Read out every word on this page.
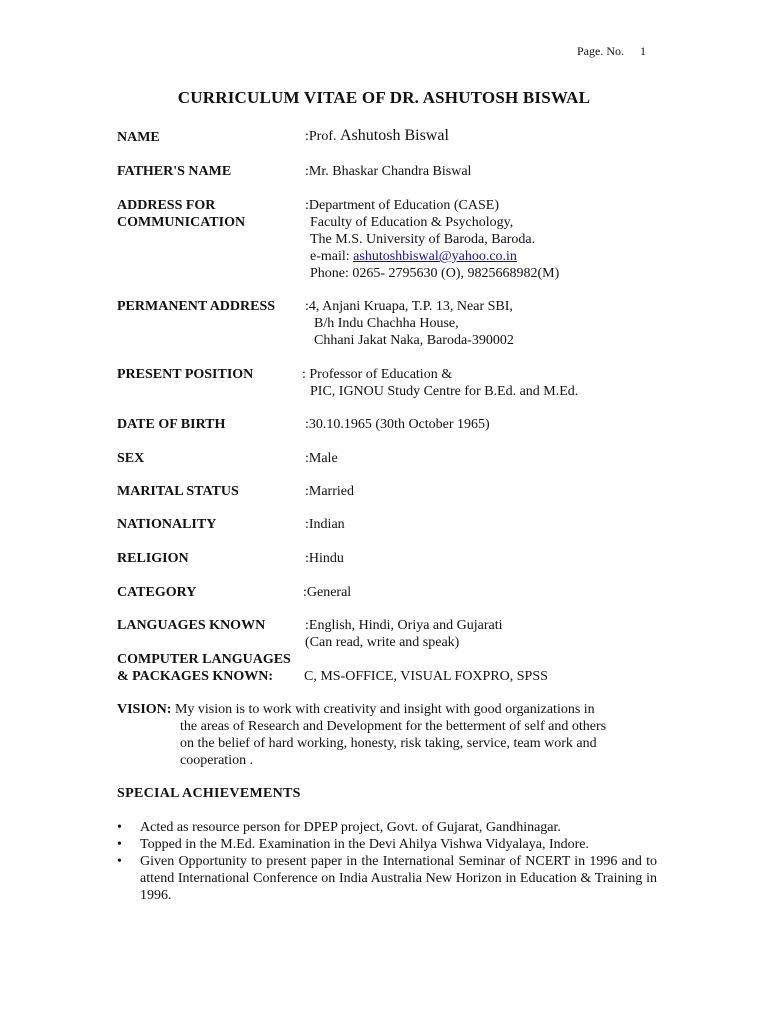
Page. No. 1
CURRICULUM VITAE OF DR. ASHUTOSH BISWAL
NAME	:Prof. Ashutosh Biswal
FATHER'S NAME	:Mr. Bhaskar Chandra Biswal
ADDRESS FOR
COMMUNICATION
:Department of Education (CASE)
Faculty of Education & Psychology,
The M.S. University of Baroda, Baroda.
e-mail: ashutoshbiswal@yahoo.co.in
Phone: 0265- 2795630 (O), 9825668982(M)
PERMANENT ADDRESS :4, Anjani Kruapa, T.P. 13, Near SBI,
B/h Indu Chachha House,
Chhani Jakat Naka, Baroda-390002
PRESENT POSITION	: Professor of Education &
PIC, IGNOU Study Centre for B.Ed. and M.Ed.
DATE OF BIRTH	:30.10.1965 (30th October 1965)
SEX	:Male
MARITAL STATUS	:Married
NATIONALITY	:Indian
RELIGION	:Hindu
CATEGORY	:General
LANGUAGES KNOWN	:English, Hindi, Oriya and Gujarati
(Can read, write and speak)
COMPUTER LANGUAGES
& PACKAGES KNOWN: C, MS-OFFICE, VISUAL FOXPRO, SPSS
VISION: My vision is to work with creativity and insight with good organizations in
the areas of Research and Development for the betterment of self and others
on the belief of hard working, honesty, risk taking, service, team work and
cooperation .
SPECIAL ACHIEVEMENTS
• Acted as resource person for DPEP project, Govt. of Gujarat, Gandhinagar.
• Topped in the M.Ed. Examination in the Devi Ahilya Vishwa Vidyalaya, Indore.
• Given Opportunity to present paper in the International Seminar of NCERT in 1996 and to attend International Conference on India Australia New Horizon in Education & Training in 1996.
